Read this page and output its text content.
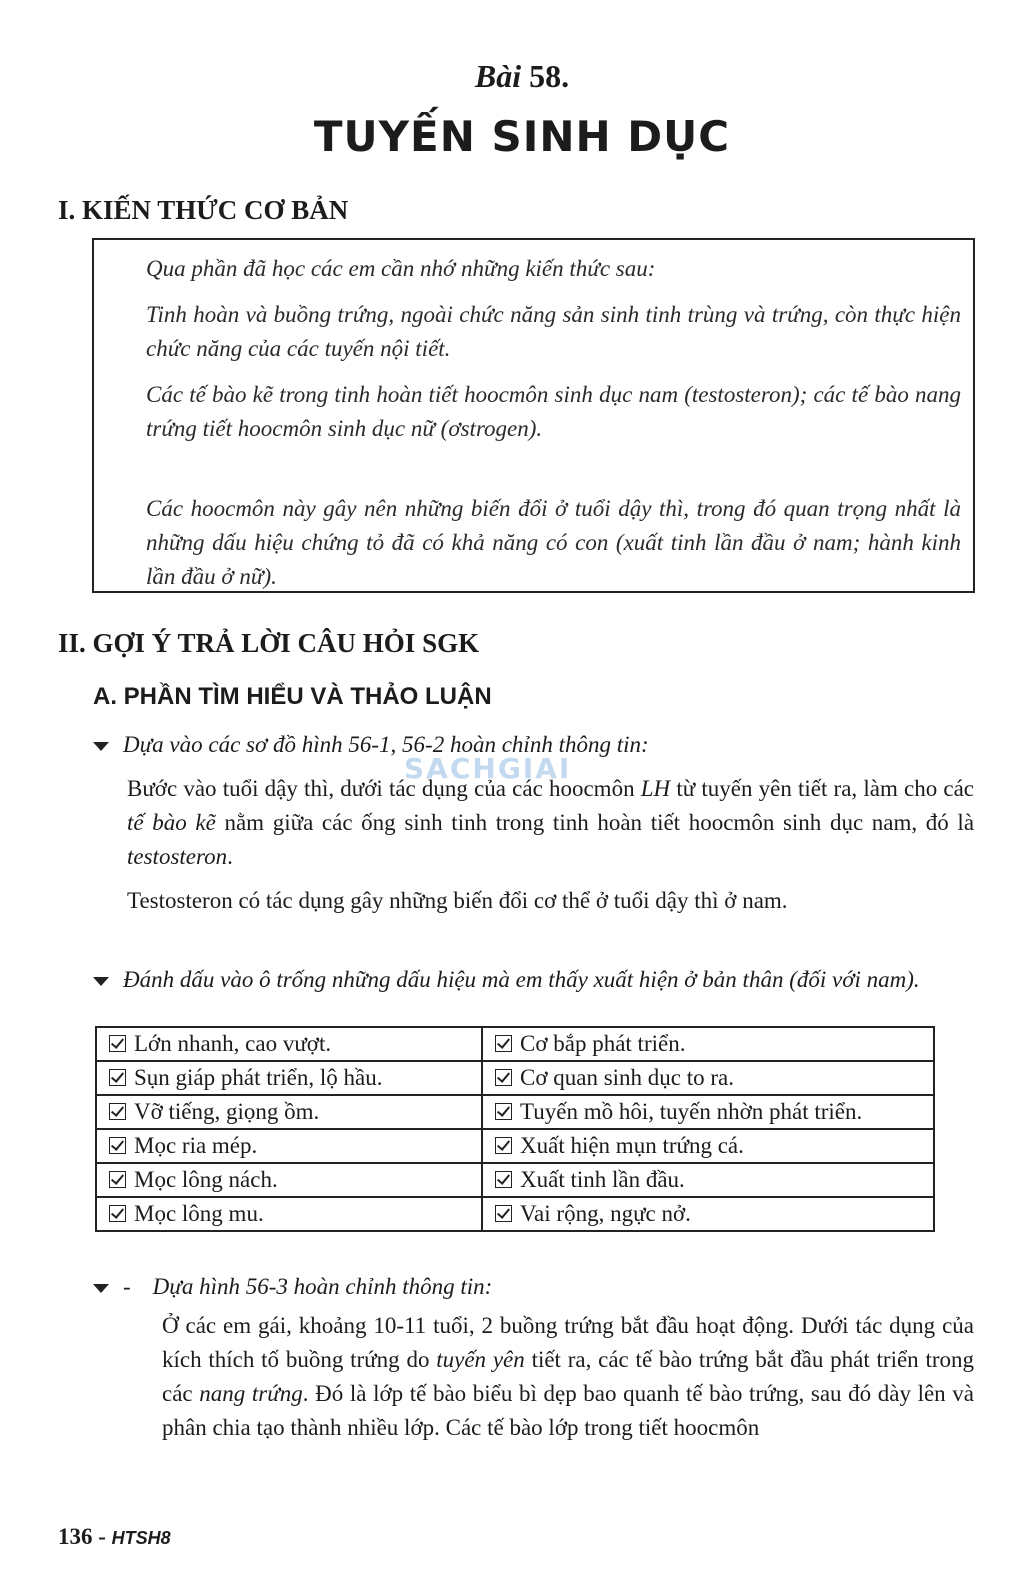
Bài 58.
TUYẾN SINH DỤC
I. KIẾN THỨC CƠ BẢN

Qua phần đã học các em cần nhớ những kiến thức sau:

Tinh hoàn và buồng trứng, ngoài chức năng sản sinh tinh trùng và trứng, còn thực hiện chức năng của các tuyến nội tiết.

Các tế bào kẽ trong tinh hoàn tiết hoocmôn sinh dục nam (testosteron); các tế bào nang trứng tiết hoocmôn sinh dục nữ (ơstrogen).

Các hoocmôn này gây nên những biến đổi ở tuổi dậy thì, trong đó quan trọng nhất là những dấu hiệu chứng tỏ đã có khả năng có con (xuất tinh lần đầu ở nam; hành kinh lần đầu ở nữ).

II. GỢI Ý TRẢ LỜI CÂU HỎI SGK
A. PHẦN TÌM HIỂU VÀ THẢO LUẬN
Dựa vào các sơ đồ hình 56-1, 56-2 hoàn chỉnh thông tin:
SACHGIAI

Bước vào tuổi dậy thì, dưới tác dụng của các hoocmôn LH từ tuyến yên tiết ra, làm cho các tế bào kẽ nằm giữa các ống sinh tinh trong tinh hoàn tiết hoocmôn sinh dục nam, đó là testosteron.

Testosteron có tác dụng gây những biến đổi cơ thể ở tuổi dậy thì ở nam.

Đánh dấu vào ô trống những dấu hiệu mà em thấy xuất hiện ở bản thân (đối với nam).
Lớn nhanh, cao vượt.	Cơ bắp phát triển.
Sụn giáp phát triển, lộ hầu.	Cơ quan sinh dục to ra.
Vỡ tiếng, giọng ồm.	Tuyến mồ hôi, tuyến nhờn phát triển.
Mọc ria mép.	Xuất hiện mụn trứng cá.
Mọc lông nách.	Xuất tinh lần đầu.
Mọc lông mu.	Vai rộng, ngực nở.
- Dựa hình 56-3 hoàn chỉnh thông tin:

Ở các em gái, khoảng 10-11 tuổi, 2 buồng trứng bắt đầu hoạt động. Dưới tác dụng của kích thích tố buồng trứng do tuyến yên tiết ra, các tế bào trứng bắt đầu phát triển trong các nang trứng. Đó là lớp tế bào biểu bì dẹp bao quanh tế bào trứng, sau đó dày lên và phân chia tạo thành nhiều lớp. Các tế bào lớp trong tiết hoocmôn

136 - HTSH8
